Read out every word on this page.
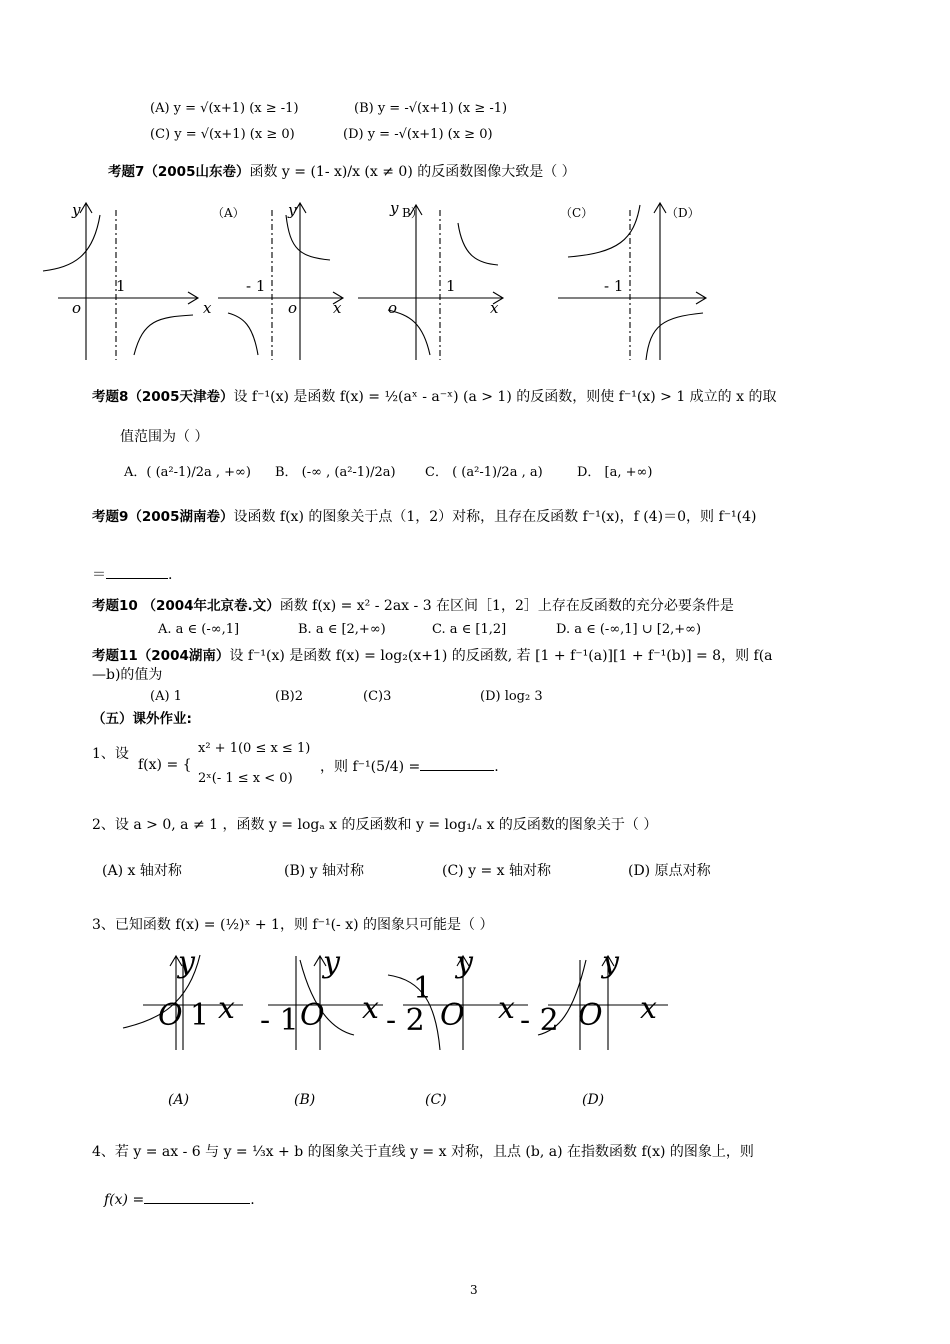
(A) y = √(x+1) (x ≥ -1)	(B) y = -√(x+1) (x ≥ -1)
(C) y = √(x+1) (x ≥ 0)	(D) y = -√(x+1) (x ≥ 0)
考题7（2005山东卷）函数 y = (1- x)/x (x ≠ 0) 的反函数图像大致是（ ）
y	（A）
o
1
x
y
- 1
o x
y B）
1
o	x
（C）	（D）
- 1
考题8（2005天津卷）设 f⁻¹(x) 是函数 f(x) = ½(aˣ - a⁻ˣ) (a > 1) 的反函数，则使 f⁻¹(x) > 1 成立的 x 的取
值范围为（ ）
A．( (a²-1)/2a , +∞) B． (-∞ , (a²-1)/2a) C． ( (a²-1)/2a , a)	D． [a, +∞)
考题9（2005湖南卷）设函数 f(x) 的图象关于点（1，2）对称，且存在反函数 f⁻¹(x)，f (4)＝0，则 f⁻¹(4)
＝	.
考题10 （2004年北京卷.文）函数 f(x) = x² - 2ax - 3 在区间［1，2］上存在反函数的充分必要条件是
A. a ∈ (-∞,1]	B. a ∈ [2,+∞)	C. a ∈ [1,2]	D. a ∈ (-∞,1] ∪ [2,+∞)
考题11（2004湖南）设 f⁻¹(x) 是函数 f(x) = log₂(x+1) 的反函数, 若 [1 + f⁻¹(a)][1 + f⁻¹(b)] = 8，则 f(a
—b)的值为
(A) 1	(B)2	(C)3	(D) log₂ 3
（五）课外作业:
1、设
f(x) = {
x² + 1(0 ≤ x ≤ 1)
2ˣ(- 1 ≤ x < 0)
，则 f⁻¹(5/4) =	.
2、设 a > 0, a ≠ 1 ，函数 y = logₐ x 的反函数和 y = log₁/ₐ x 的反函数的图象关于（ ）
(A) x 轴对称	(B) y 轴对称	(C) y = x 轴对称	(D) 原点对称
3、已知函数 f(x) = (½)ˣ + 1，则 f⁻¹(- x) 的图象只可能是（ ）
y
O 1 x
y
- 1 O x
y
1
- 2 O x
y
- 2 O x
(A)	(B)	(C)	(D)
4、若 y = ax - 6 与 y = ⅓x + b 的图象关于直线 y = x 对称，且点 (b, a) 在指数函数 f(x) 的图象上，则
f(x) =	.
3
